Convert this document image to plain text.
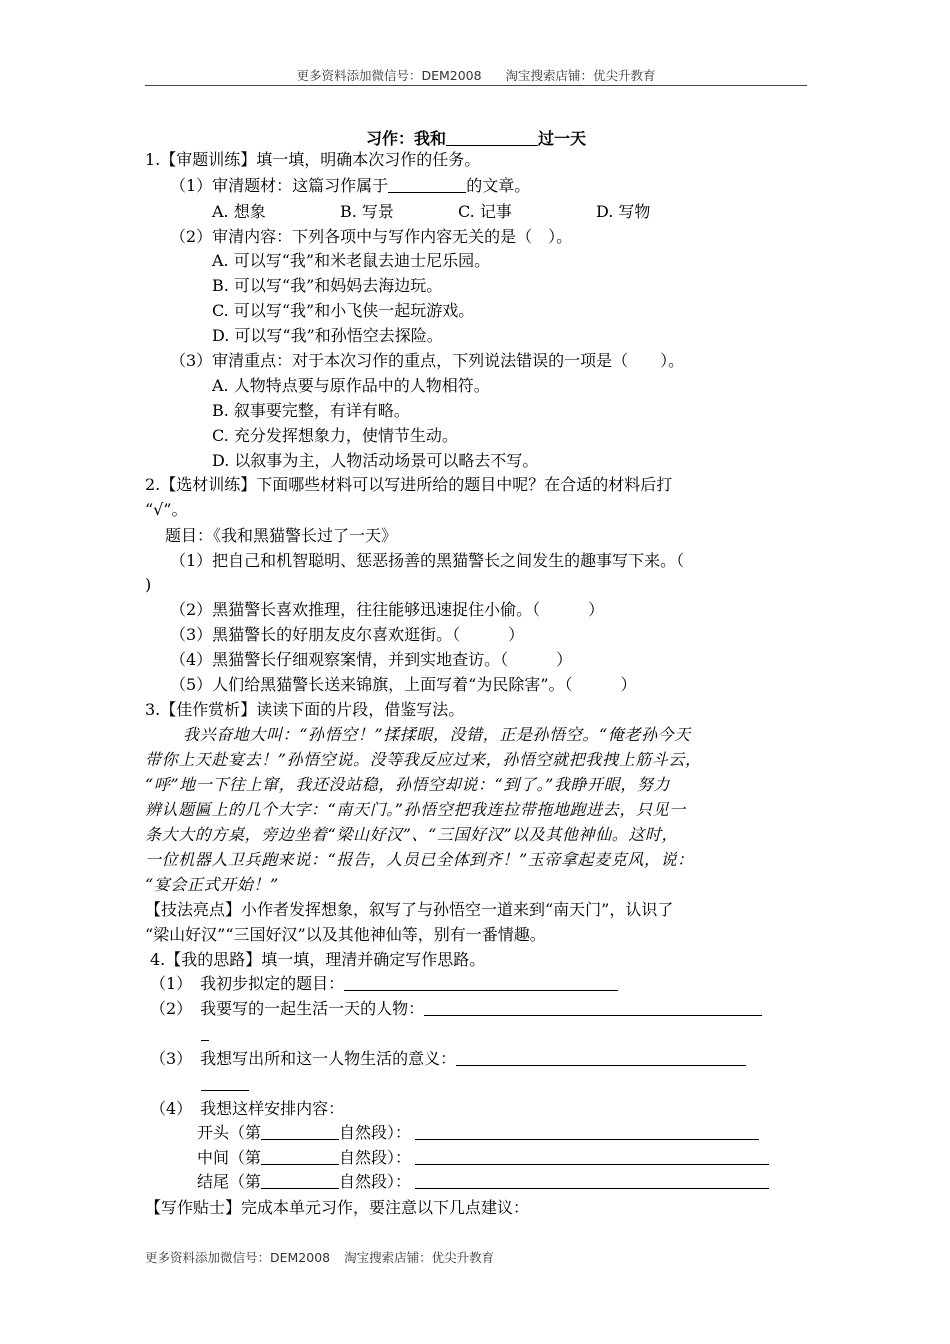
更多资料添加微信号：DEM2008 淘宝搜索店铺：优尖升教育
习作：我和	过一天
1.【审题训练】填一填，明确本次习作的任务。
（1）审清题材：这篇习作属于	的文章。
A. 想象	B. 写景	C. 记事	D. 写物
（2）审清内容：下列各项中与写作内容无关的是（　）。
A. 可以写“我”和米老鼠去迪士尼乐园。
B. 可以写“我”和妈妈去海边玩。
C. 可以写“我”和小飞侠一起玩游戏。
D. 可以写“我”和孙悟空去探险。
（3）审清重点：对于本次习作的重点，下列说法错误的一项是（　　）。
A. 人物特点要与原作品中的人物相符。
B. 叙事要完整，有详有略。
C. 充分发挥想象力，使情节生动。
D. 以叙事为主，人物活动场景可以略去不写。
2.【选材训练】下面哪些材料可以写进所给的题目中呢？在合适的材料后打
“√”。
题目：《我和黑猫警长过了一天》
（1）把自己和机智聪明、惩恶扬善的黑猫警长之间发生的趣事写下来。（
)
（2）黑猫警长喜欢推理，往往能够迅速捉住小偷。（　　　）
（3）黑猫警长的好朋友皮尔喜欢逛街。（　　　）
（4）黑猫警长仔细观察案情，并到实地查访。（　　　）
（5）人们给黑猫警长送来锦旗，上面写着“为民除害”。（　　　）
3.【佳作赏析】读读下面的片段，借鉴写法。
我兴奋地大叫：“孙悟空！”揉揉眼，没错，正是孙悟空。“俺老孙今天
带你上天赴宴去！”孙悟空说。没等我反应过来，孙悟空就把我拽上筋斗云，
“呼”地一下往上窜，我还没站稳，孙悟空却说：“到了。”我睁开眼，努力
辨认题匾上的几个大字：“南天门。”孙悟空把我连拉带拖地跑进去，只见一
条大大的方桌，旁边坐着“梁山好汉”、“三国好汉”以及其他神仙。这时，
一位机器人卫兵跑来说：“报告，人员已全体到齐！”玉帝拿起麦克风，说：
“宴会正式开始！”
【技法亮点】小作者发挥想象，叙写了与孙悟空一道来到“南天门”，认识了
“梁山好汉”“三国好汉”以及其他神仙等，别有一番情趣。
4.【我的思路】填一填，理清并确定写作思路。
（1）　我初步拟定的题目：
（2）　我要写的一起生活一天的人物：
（3）　我想写出所和这一人物生活的意义：
（4）　我想这样安排内容：
开头（第	自然段）：
中间（第	自然段）：
结尾（第	自然段）：
【写作贴士】完成本单元习作，要注意以下几点建议：
更多资料添加微信号：DEM2008 淘宝搜索店铺：优尖升教育
